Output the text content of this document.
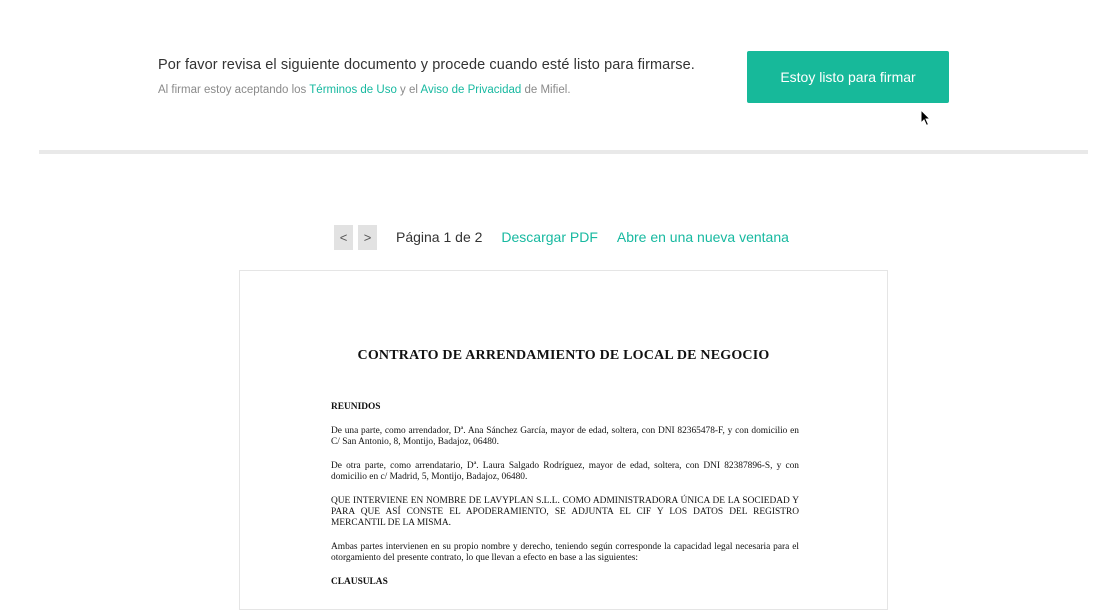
Por favor revisa el siguiente documento y procede cuando esté listo para firmarse.
Al firmar estoy aceptando los Términos de Uso y el Aviso de Privacidad de Mifiel.
Estoy listo para firmar
<	>	Página 1 de 2 Descargar PDF Abre en una nueva ventana
CONTRATO DE ARRENDAMIENTO DE LOCAL DE NEGOCIO

REUNIDOS

De una parte, como arrendador, Dª. Ana Sánchez García, mayor de edad, soltera, con DNI 82365478-F, y con domicilio en C/ San Antonio, 8, Montijo, Badajoz, 06480.

De otra parte, como arrendatario, Dª. Laura Salgado Rodríguez, mayor de edad, soltera, con DNI 82387896-S, y con domicilio en c/ Madrid, 5, Montijo, Badajoz, 06480.

QUE INTERVIENE EN NOMBRE DE LAVYPLAN S.L.L. COMO ADMINISTRADORA ÚNICA DE LA SOCIEDAD Y PARA QUE ASÍ CONSTE EL APODERAMIENTO, SE ADJUNTA EL CIF Y LOS DATOS DEL REGISTRO MERCANTIL DE LA MISMA.

Ambas partes intervienen en su propio nombre y derecho, teniendo según corresponde la capacidad legal necesaria para el otorgamiento del presente contrato, lo que llevan a efecto en base a las siguientes:

CLAUSULAS
